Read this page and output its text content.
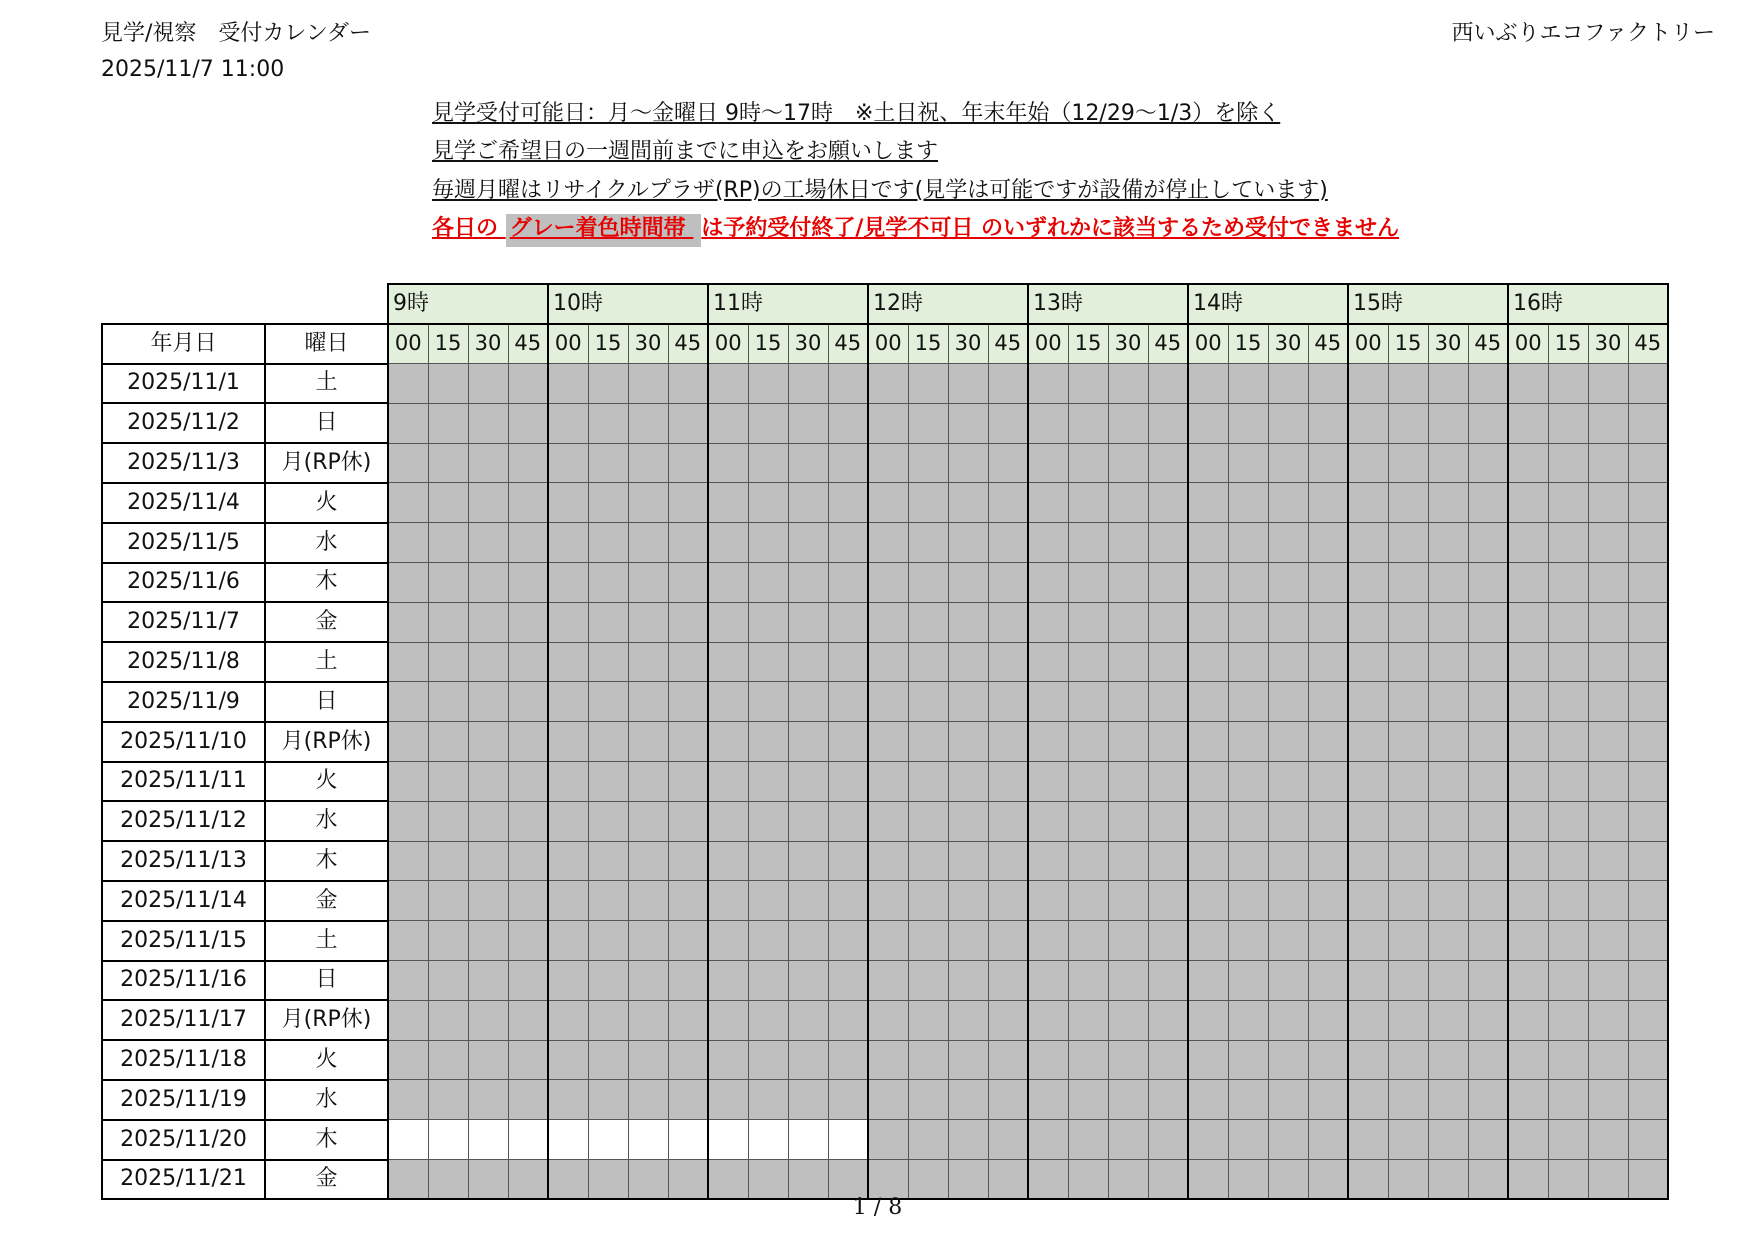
見学/視察　受付カレンダー
2025/11/7 11:00
西いぶりエコファクトリー
見学受付可能日：月～金曜日 9時～17時　※土日祝、年末年始（12/29～1/3）を除く
見学ご希望日の一週間前までに申込をお願いします
毎週月曜はリサイクルプラザ(RP)の工場休日です(見学は可能ですが設備が停止しています)
各日の グレー着色時間帯 は予約受付終了/見学不可日 のいずれかに該当するため受付できません
		9時				10時				11時				12時				13時				14時				15時				16時			
年月日	曜日	00	15	30	45	00	15	30	45	00	15	30	45	00	15	30	45	00	15	30	45	00	15	30	45	00	15	30	45	00	15	30	45
2025/11/1	土																																
2025/11/2	日																																
2025/11/3	月(RP休)																																
2025/11/4	火																																
2025/11/5	水																																
2025/11/6	木																																
2025/11/7	金																																
2025/11/8	土																																
2025/11/9	日																																
2025/11/10	月(RP休)																																
2025/11/11	火																																
2025/11/12	水																																
2025/11/13	木																																
2025/11/14	金																																
2025/11/15	土																																
2025/11/16	日																																
2025/11/17	月(RP休)																																
2025/11/18	火																																
2025/11/19	水																																
2025/11/20	木																																
2025/11/21	金																																
1 / 8
